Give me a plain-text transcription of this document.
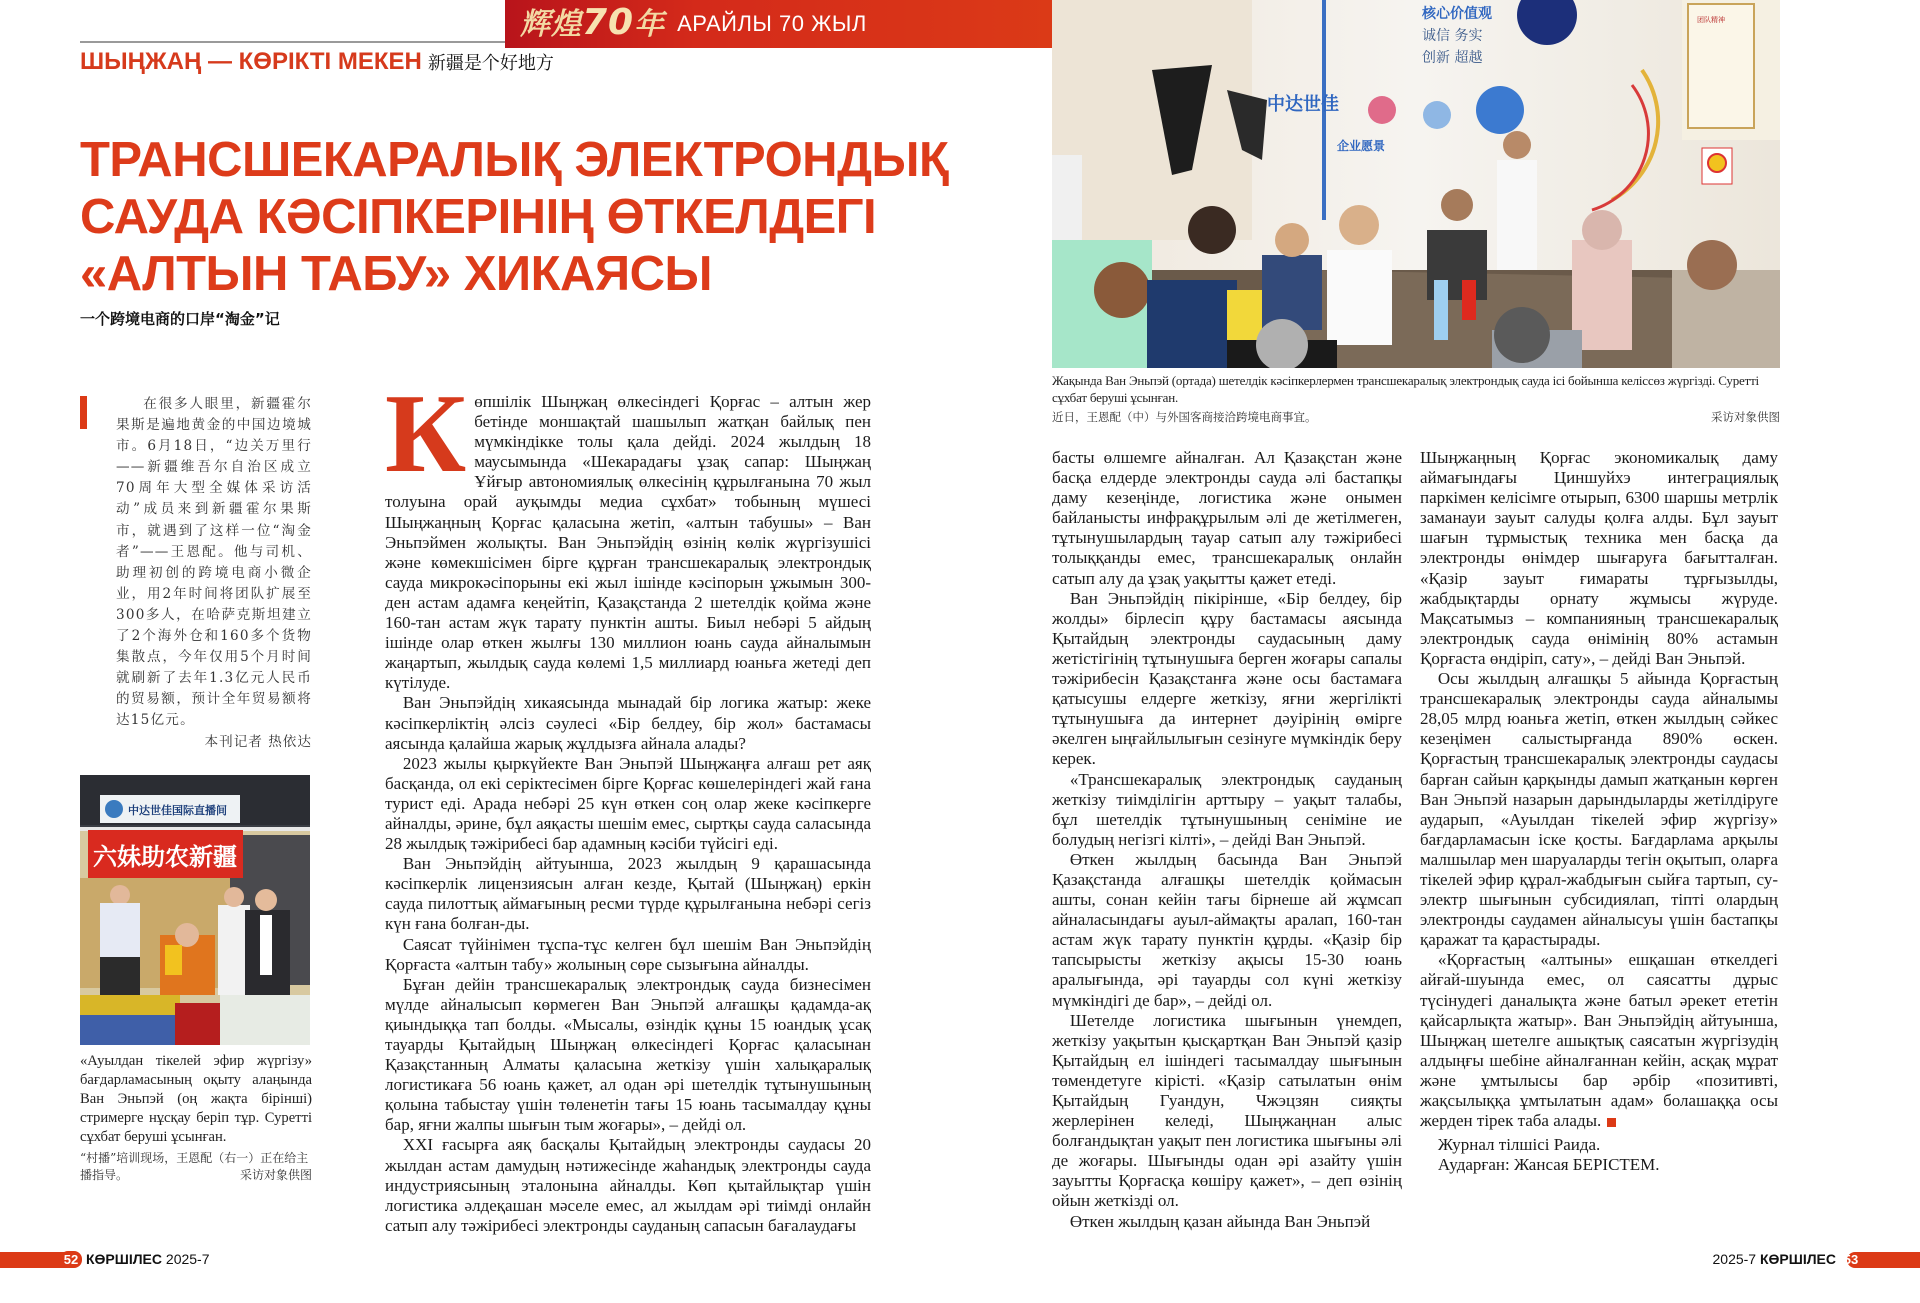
辉煌70年 АРАЙЛЫ 70 ЖЫЛ
ШЫҢЖАҢ — КӨРІКТІ МЕКЕН 新疆是个好地方
ТРАНСШЕКАРАЛЫҚ ЭЛЕКТРОНДЫҚ
САУДА КӘСІПКЕРІНІҢ ӨТКЕЛДЕГІ
«АЛТЫН ТАБУ» ХИКАЯСЫ
一个跨境电商的口岸“淘金”记
在很多人眼里，新疆霍尔果斯是遍地黄金的中国边境城市。6月18日，“边关万里行——新疆维吾尔自治区成立70周年大型全媒体采访活动”成员来到新疆霍尔果斯市，就遇到了这样一位“淘金者”——王恩配。他与司机、助理初创的跨境电商小微企业，用2年时间将团队扩展至300多人，在哈萨克斯坦建立了2个海外仓和160多个货物集散点，今年仅用5个月时间就刷新了去年1.3亿元人民币的贸易额，预计全年贸易额将达15亿元。
本刊记者 热依达
中达世佳国际直播间
六妹助农新疆
«Ауылдан тікелей эфир жүргізу» бағдарламасының оқыту алаңында Ван Эньпэй (оң жақта бірінші) стримерге нұсқау беріп тұр. Суретті сұхбат беруші ұсынған.
“村播”培训现场，王恩配（右一）正在给主播指导。	采访对象供图

Көпшілік Шыңжаң өлкесіндегі Қорғас – алтын жер бетінде моншақтай шашылып жатқан байлық пен мүмкіндікке толы қала дейді. 2024 жылдың 18 маусымында «Шекарадағы ұзақ сапар: Шыңжаң Ұйғыр автономиялық өлкесінің құрылғанына 70 жыл толуына орай ауқымды медиа сұхбат» тобының мүшесі Шыңжаңның Қорғас қаласына жетіп, «алтын табушы» – Ван Эньпэймен жолықты. Ван Эньпэйдің өзінің көлік жүргізушісі және көмекшісімен бірге құрған трансшекаралық электрондық сауда микрокәсіпорыны екі жыл ішінде кәсіпорын ұжымын 300-ден астам адамға кеңейтіп, Қазақстанда 2 шетелдік қойма және 160-тан астам жүк тарату пунктін ашты. Биыл небәрі 5 айдың ішінде олар өткен жылғы 130 миллион юань сауда айналымын жаңартып, жылдық сауда көлемі 1,5 миллиард юаньға жетеді деп күтілуде.

Ван Эньпэйдің хикаясында мынадай бір логика жатыр: жеке кәсіпкерліктің әлсіз сәулесі «Бір белдеу, бір жол» бастамасы аясында қалайша жарық жұлдызға айнала алады?

2023 жылы қыркүйекте Ван Эньпэй Шыңжаңға алғаш рет аяқ басқанда, ол екі серіктесімен бірге Қорғас көшелеріндегі жай ғана турист еді. Арада небәрі 25 күн өткен соң олар жеке кәсіпкерге айналды, әрине, бұл аяқасты шешім емес, сыртқы сауда саласында 28 жылдық тәжірибесі бар адамның кәсіби түйсігі еді.

Ван Эньпэйдің айтуынша, 2023 жылдың 9 қарашасында кәсіпкерлік лицензиясын алған кезде, Қытай (Шыңжаң) еркін сауда пилоттық аймағының ресми түрде құрылғанына небәрі сегіз күн ғана болған-ды.

Саясат түйінімен тұспа-тұс келген бұл шешім Ван Эньпэйдің Қорғаста «алтын табу» жолының сөре сызығына айналды.

Бұған дейін трансшекаралық электрондық сауда бизнесімен мүлде айналысып көрмеген Ван Эньпэй алғашқы қадамда-ақ қиындыққа тап болды. «Мысалы, өзіндік құны 15 юандық ұсақ тауарды Қытайдың Шыңжаң өлкесіндегі Қорғас қаласынан Қазақстанның Алматы қаласына жеткізу үшін халықаралық логистикаға 56 юань қажет, ал одан әрі шетелдік тұтынушының қолына табыстау үшін төленетін тағы 15 юань тасымалдау құны бар, яғни жалпы шығын тым жоғары», – дейді ол.

XXI ғасырға аяқ басқалы Қытайдың электронды саудасы 20 жылдан астам дамудың нәтижесінде жаһандық электронды сауда индустриясының эталонына айналды. Көп қытайлықтар үшін логистика әлдеқашан мәселе емес, ал жылдам әрі тиімді онлайн сатып алу тәжірибесі электронды сауданың сапасын бағалаудағы

中达世佳
企业愿景
核心价值观
诚信 务实
创新 超越
团队精神
Жақында Ван Эньпэй (ортада) шетелдік кәсіпкерлермен трансшекаралық электрондық сауда ісі бойынша келіссөз жүргізді. Суретті сұхбат беруші ұсынған.
近日，王恩配（中）与外国客商接洽跨境电商事宜。	采访对象供图

басты өлшемге айналған. Ал Қазақстан және басқа елдерде электронды сауда әлі бастапқы даму кезеңінде, логистика және онымен байланысты инфрақұрылым әлі де жетілмеген, тұтынушылардың тауар сатып алу тәжірибесі толыққанды емес, трансшекаралық онлайн сатып алу да ұзақ уақытты қажет етеді.

Ван Эньпэйдің пікірінше, «Бір белдеу, бір жолды» бірлесіп құру бастамасы аясында Қытайдың электронды саудасының даму жетістігінің тұтынушыға берген жоғары сапалы тәжірибесін Қазақстанға және осы бастамаға қатысушы елдерге жеткізу, яғни жергілікті тұтынушыға да интернет дәуірінің өмірге әкелген ыңғайлылығын сезінуге мүмкіндік беру керек.

«Трансшекаралық электрондық сауданың жеткізу тиімділігін арттыру – уақыт талабы, бұл шетелдік тұтынушының сеніміне ие болудың негізгі кілті», – дейді Ван Эньпэй.

Өткен жылдың басында Ван Эньпэй Қазақстанда алғашқы шетелдік қоймасын ашты, сонан кейін тағы бірнеше ай жұмсап айналасындағы ауыл-аймақты аралап, 160-тан астам жүк тарату пунктін құрды. «Қазір бір тапсырысты жеткізу ақысы 15-30 юань аралығында, әрі тауарды сол күні жеткізу мүмкіндігі де бар», – дейді ол.

Шетелде логистика шығынын үнемдеп, жеткізу уақытын қысқартқан Ван Эньпэй қазір Қытайдың ел ішіндегі тасымалдау шығынын төмендетуге кірісті. «Қазір сатылатын өнім Қытайдың Гуандун, Чжэцзян сияқты жерлерінен келеді, Шыңжаңнан алыс болғандықтан уақыт пен логистика шығыны әлі де жоғары. Шығынды одан әрі азайту үшін зауытты Қорғасқа көшіру қажет», – деп өзінің ойын жеткізді ол.

Өткен жылдың қазан айында Ван Эньпэй

Шыңжаңның Қорғас экономикалық даму аймағындағы Циншуйхэ интеграциялық паркімен келісімге отырып, 6300 шаршы метрлік заманауи зауыт салуды қолға алды. Бұл зауыт шағын тұрмыстық техника мен басқа да электронды өнімдер шығаруға бағытталған. «Қазір зауыт ғимараты тұрғызылды, жабдықтарды орнату жұмысы жүруде. Мақсатымыз – компанияның трансшекаралық электрондық сауда өнімінің 80% астамын Қорғаста өндіріп, сату», – дейді Ван Эньпэй.

Осы жылдың алғашқы 5 айында Қорғастың трансшекаралық электронды сауда айналымы 28,05 млрд юаньға жетіп, өткен жылдың сәйкес кезеңімен салыстырғанда 890% өскен. Қорғастың трансшекаралық электронды саудасы барған сайын қарқынды дамып жатқанын көрген Ван Эньпэй назарын дарындыларды жетілдіруге аударып, «Ауылдан тікелей эфир жүргізу» бағдарламасын іске қосты. Бағдарлама арқылы малшылар мен шаруаларды тегін оқытып, оларға тікелей эфир құрал-жабдығын сыйға тартып, су-электр шығынын субсидиялап, тіпті олардың электронды саудамен айналысуы үшін бастапқы қаражат та қарастырады.

«Қорғастың «алтыны» ешқашан өткелдегі айғай-шуында емес, ол саясатты дұрыс түсінудегі даналықта және батыл әрекет ететін қайсарлықта жатыр». Ван Эньпэйдің айтуынша, Шыңжаң шетелге ашықтық саясатын жүргізудің алдыңғы шебіне айналғаннан кейін, асқақ мұрат және ұмтылысы бар әрбір «позитивті, жақсылыққа ұмтылатын адам» болашаққа осы жерден тірек таба алады.

Журнал тілшісі Раида.

Аударған: Жансая БЕРІСТЕМ.

52 КӨРШІЛЕС 2025-7	2025-7 КӨРШІЛЕС 53
